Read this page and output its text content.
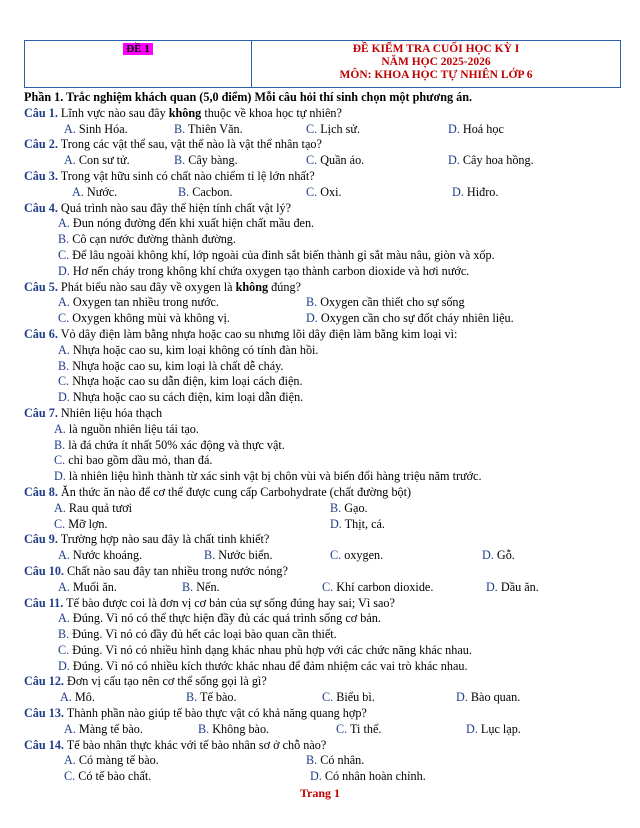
ĐỀ 1	ĐỀ KIỂM TRA CUỐI HỌC KỲ I
NĂM HỌC 2025-2026
MÔN: KHOA HỌC TỰ NHIÊN LỚP 6
Phần 1. Trắc nghiệm khách quan (5,0 điểm) Mỗi câu hỏi thí sinh chọn một phương án.
Câu 1. Lĩnh vực nào sau đây không thuộc về khoa học tự nhiên?
A. Sinh Hóa.	B. Thiên Văn.	C. Lịch sử.	D. Hoá học
Câu 2. Trong các vật thể sau, vật thể nào là vật thể nhân tạo?
A. Con sư tử.	B. Cây bàng.	C. Quần áo.	D. Cây hoa hồng.
Câu 3. Trong vật hữu sinh có chất nào chiếm tỉ lệ lớn nhất?
A. Nước.	B. Cacbon.	C. Oxi.	D. Hiđro.
Câu 4. Quá trình nào sau đây thể hiện tính chất vật lý?
A. Đun nóng đường đến khi xuất hiện chất mầu đen.
B. Cô cạn nước đường thành đường.
C. Để lâu ngoài không khí, lớp ngoài của đinh sắt biến thành gỉ sắt màu nâu, giòn và xốp.
D. Hơ nến cháy trong không khí chứa oxygen tạo thành carbon dioxide và hơi nước.
Câu 5. Phát biểu nào sau đây về oxygen là không đúng?
A. Oxygen tan nhiều trong nước.	B. Oxygen cần thiết cho sự sống
C. Oxygen không mùi và không vị.	D. Oxygen cần cho sự đốt cháy nhiên liệu.
Câu 6. Vỏ dây điện làm bằng nhựa hoặc cao su nhưng lõi dây điện làm bằng kim loại vì:
A. Nhựa hoặc cao su, kim loại không có tính đàn hồi.
B. Nhựa hoặc cao su, kim loại là chất dễ cháy.
C. Nhựa hoặc cao su dẫn điện, kim loại cách điện.
D. Nhựa hoặc cao su cách điện, kim loại dẫn điện.
Câu 7. Nhiên liệu hóa thạch
A. là nguồn nhiên liệu tái tạo.
B. là đá chứa ít nhất 50% xác động và thực vật.
C. chỉ bao gồm dầu mỏ, than đá.
D. là nhiên liệu hình thành từ xác sinh vật bị chôn vùi và biến đổi hàng triệu năm trước.
Câu 8. Ăn thức ăn nào để cơ thể được cung cấp Carbohydrate (chất đường bột)
A. Rau quả tươi	B. Gạo.
C. Mỡ lợn.	D. Thịt, cá.
Câu 9. Trường hợp nào sau đây là chất tinh khiết?
A. Nước khoáng.	B. Nước biển.	C. oxygen.	D. Gỗ.
Câu 10. Chất nào sau đây tan nhiều trong nước nóng?
A. Muối ăn.	B. Nến.	C. Khí carbon dioxide.	D. Dầu ăn.
Câu 11. Tế bào được coi là đơn vị cơ bản của sự sống đúng hay sai; Vì sao?
A. Đúng. Vì nó có thể thực hiện đầy đủ các quá trình sống cơ bản.
B. Đúng. Vì nó có đầy đủ hết các loại bào quan cần thiết.
C. Đúng. Vì nó có nhiều hình dạng khác nhau phù hợp với các chức năng khác nhau.
D. Đúng. Vì nó có nhiều kích thước khác nhau để đảm nhiệm các vai trò khác nhau.
Câu 12. Đơn vị cấu tạo nên cơ thể sống gọi là gì?
A. Mô.	B. Tế bào.	C. Biểu bì.	D. Bào quan.
Câu 13. Thành phần nào giúp tế bào thực vật có khả năng quang hợp?
A. Màng tế bào.	B. Không bào.	C. Ti thể.	D. Lục lạp.
Câu 14. Tế bào nhân thực khác với tế bào nhân sơ ở chỗ nào?
A. Có màng tế bào.	B. Có nhân.
C. Có tế bào chất.	D. Có nhân hoàn chỉnh.
Trang 1
